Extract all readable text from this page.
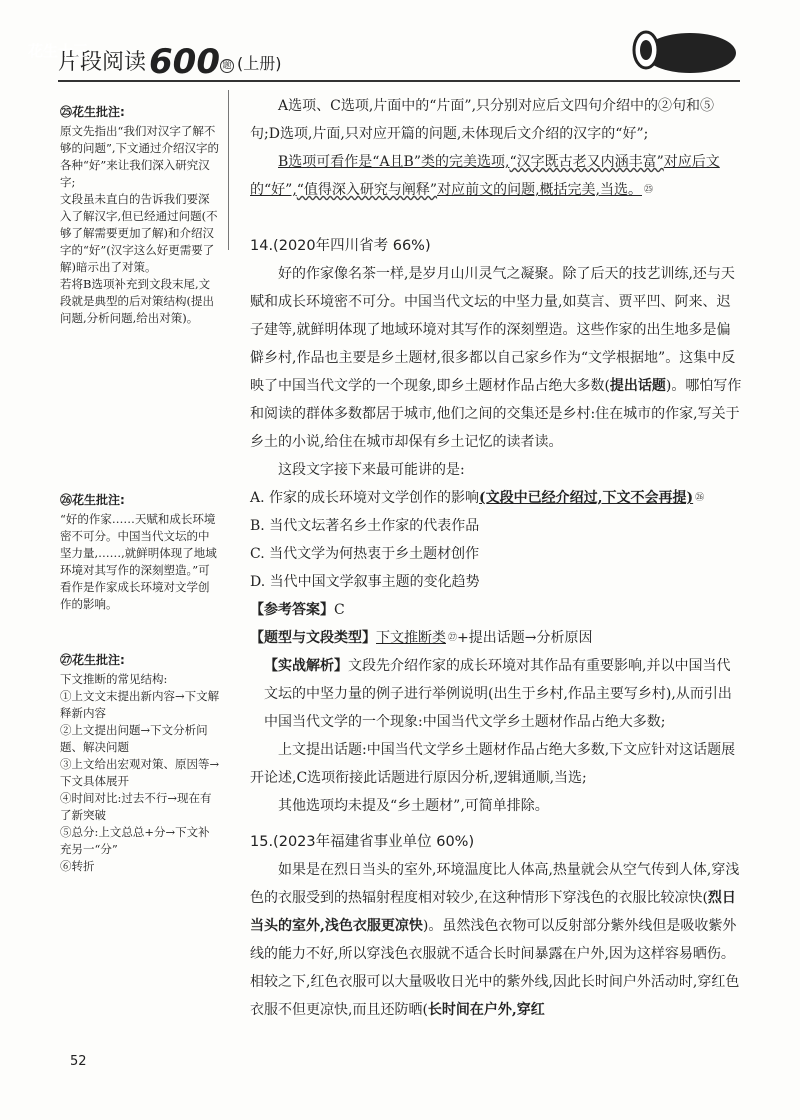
片段阅读600 题 (上册)
花生十三
㉕花生批注:

原文先指出“我们对汉字了解不够的问题”,下文通过介绍汉字的各种“好”来让我们深入研究汉字;

文段虽未直白的告诉我们要深入了解汉字,但已经通过问题(不够了解需要更加了解)和介绍汉字的“好”(汉字这么好更需要了解)暗示出了对策。

若将B选项补充到文段末尾,文段就是典型的后对策结构(提出问题,分析问题,给出对策)。

㉖花生批注:

“好的作家……天赋和成长环境密不可分。中国当代文坛的中坚力量,……,就鲜明体现了地域环境对其写作的深刻塑造。”可看作是作家成长环境对文学创作的影响。

㉗花生批注:

下文推断的常见结构:

①上文文末提出新内容→下文解释新内容

②上文提出问题→下文分析问题、解决问题

③上文给出宏观对策、原因等→下文具体展开

④时间对比:过去不行→现在有了新突破

⑤总分:上文总总+分→下文补充另一“分”

⑥转折

A选项、C选项,片面中的“片面”,只分别对应后文四句介绍中的②句和⑤句;D选项,片面,只对应开篇的问题,未体现后文介绍的汉字的“好”;

B选项可看作是“A且B”类的完美选项,“汉字既古老又内涵丰富”对应后文的“好”,“值得深入研究与阐释”对应前文的问题,概括完美,当选。 $^㉕$

14.(2020年四川省考 66%)

好的作家像名茶一样,是岁月山川灵气之凝聚。除了后天的技艺训练,还与天赋和成长环境密不可分。中国当代文坛的中坚力量,如莫言、贾平凹、阿来、迟子建等,就鲜明体现了地域环境对其写作的深刻塑造。这些作家的出生地多是偏僻乡村,作品也主要是乡土题材,很多都以自己家乡作为“文学根据地”。这集中反映了中国当代文学的一个现象,即乡土题材作品占绝大多数(提出话题)。哪怕写作和阅读的群体多数都居于城市,他们之间的交集还是乡村:住在城市的作家,写关于乡土的小说,给住在城市却保有乡土记忆的读者读。

这段文字接下来最可能讲的是:

A. 作家的成长环境对文学创作的影响(文段中已经介绍过,下文不会再提) $^㉖$

B. 当代文坛著名乡土作家的代表作品

C. 当代文学为何热衷于乡土题材创作

D. 当代中国文学叙事主题的变化趋势

【参考答案】C

【题型与文段类型】下文推断类 $^㉗$+提出话题→分析原因

【实战解析】文段先介绍作家的成长环境对其作品有重要影响,并以中国当代文坛的中坚力量的例子进行举例说明(出生于乡村,作品主要写乡村),从而引出中国当代文学的一个现象:中国当代文学乡土题材作品占绝大多数;

上文提出话题:中国当代文学乡土题材作品占绝大多数,下文应针对这话题展开论述,C选项衔接此话题进行原因分析,逻辑通顺,当选;

其他选项均未提及“乡土题材”,可简单排除。

15.(2023年福建省事业单位 60%)

如果是在烈日当头的室外,环境温度比人体高,热量就会从空气传到人体,穿浅色的衣服受到的热辐射程度相对较少,在这种情形下穿浅色的衣服比较凉快(烈日当头的室外,浅色衣服更凉快)。虽然浅色衣物可以反射部分紫外线但是吸收紫外线的能力不好,所以穿浅色衣服就不适合长时间暴露在户外,因为这样容易晒伤。相较之下,红色衣服可以大量吸收日光中的紫外线,因此长时间户外活动时,穿红色衣服不但更凉快,而且还防晒(长时间在户外,穿红

52
